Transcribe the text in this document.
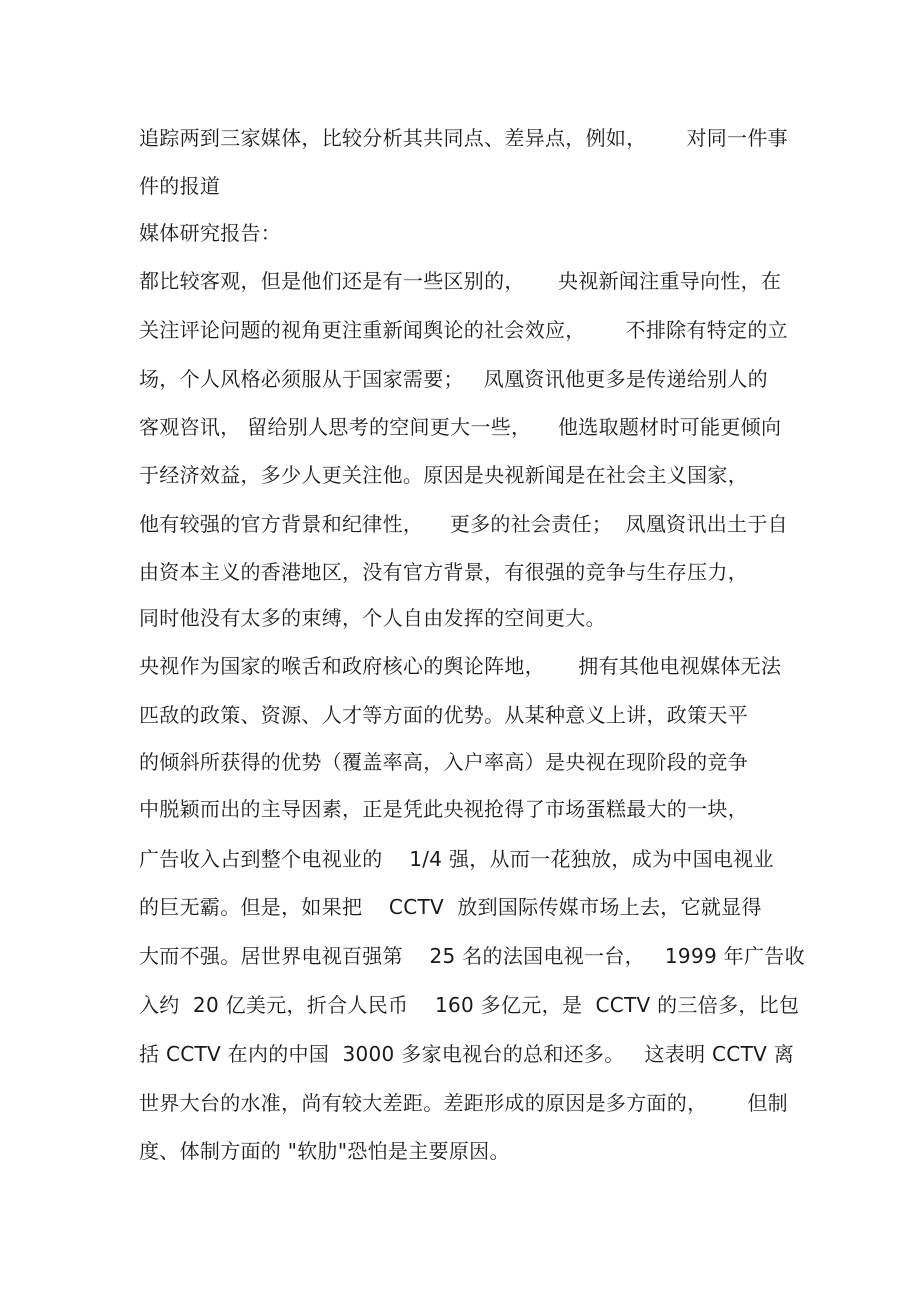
追踪两到三家媒体，比较分析其共同点、差异点，例如，      对同一件事

件的报道

媒体研究报告：

都比较客观，但是他们还是有一些区别的，     央视新闻注重导向性，在

关注评论问题的视角更注重新闻舆论的社会效应，      不排除有特定的立

场，个人风格必须服从于国家需要；   凤凰资讯他更多是传递给别人的

客观咨讯， 留给别人思考的空间更大一些，    他选取题材时可能更倾向

于经济效益，多少人更关注他。原因是央视新闻是在社会主义国家，

他有较强的官方背景和纪律性，    更多的社会责任；  凤凰资讯出土于自

由资本主义的香港地区，没有官方背景，有很强的竞争与生存压力，

同时他没有太多的束缚，个人自由发挥的空间更大。

央视作为国家的喉舌和政府核心的舆论阵地，     拥有其他电视媒体无法

匹敌的政策、资源、人才等方面的优势。从某种意义上讲，政策天平

的倾斜所获得的优势（覆盖率高，入户率高）是央视在现阶段的竞争

中脱颖而出的主导因素，正是凭此央视抢得了市场蛋糕最大的一块，

广告收入占到整个电视业的    1/4 强，从而一花独放，成为中国电视业

的巨无霸。但是，如果把    CCTV  放到国际传媒市场上去，它就显得

大而不强。居世界电视百强第    25 名的法国电视一台，   1999 年广告收

入约  20 亿美元，折合人民币    160 多亿元，是  CCTV 的三倍多，比包

括 CCTV 在内的中国  3000 多家电视台的总和还多。   这表明 CCTV 离

世界大台的水准，尚有较大差距。差距形成的原因是多方面的，      但制

度、体制方面的 "软肋"恐怕是主要原因。
